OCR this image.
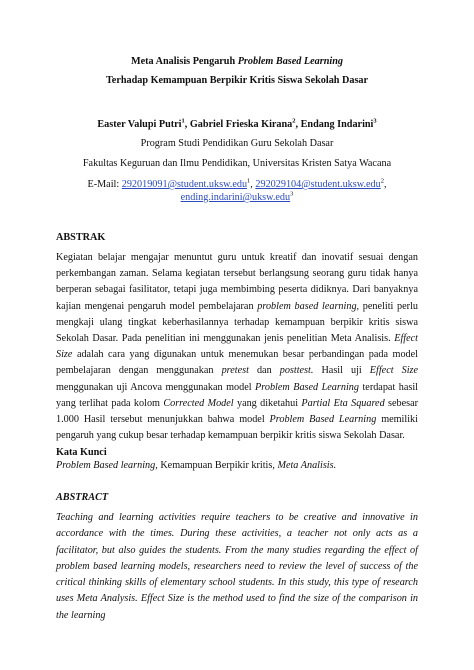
Meta Analisis Pengaruh Problem Based Learning
Terhadap Kemampuan Berpikir Kritis Siswa Sekolah Dasar
Easter Valupi Putri$^1$, Gabriel Frieska Kirana$^2$, Endang Indarini$^3$
Program Studi Pendidikan Guru Sekolah Dasar
Fakultas Keguruan dan Ilmu Pendidikan, Universitas Kristen Satya Wacana
E-Mail: 292019091@student.uksw.edu$^1$, 292029104@student.uksw.edu$^2$,
ending.indarini@uksw.edu$^3$
ABSTRAK
Kegiatan belajar mengajar menuntut guru untuk kreatif dan inovatif sesuai dengan perkembangan zaman. Selama kegiatan tersebut berlangsung seorang guru tidak hanya berperan sebagai fasilitator, tetapi juga membimbing peserta didiknya. Dari banyaknya kajian mengenai pengaruh model pembelajaran problem based learning, peneliti perlu mengkaji ulang tingkat keberhasilannya terhadap kemampuan berpikir kritis siswa Sekolah Dasar. Pada penelitian ini menggunakan jenis penelitian Meta Analisis. Effect Size adalah cara yang digunakan untuk menemukan besar perbandingan pada model pembelajaran dengan menggunakan pretest dan posttest. Hasil uji Effect Size menggunakan uji Ancova menggunakan model Problem Based Learning terdapat hasil yang terlihat pada kolom Corrected Model yang diketahui Partial Eta Squared sebesar 1.000 Hasil tersebut menunjukkan bahwa model Problem Based Learning memiliki pengaruh yang cukup besar terhadap kemampuan berpikir kritis siswa Sekolah Dasar.
Kata Kunci
Problem Based learning, Kemampuan Berpikir kritis, Meta Analisis.
ABSTRACT
Teaching and learning activities require teachers to be creative and innovative in accordance with the times. During these activities, a teacher not only acts as a facilitator, but also guides the students. From the many studies regarding the effect of problem based learning models, researchers need to review the level of success of the critical thinking skills of elementary school students. In this study, this type of research uses Meta Analysis. Effect Size is the method used to find the size of the comparison in the learning
